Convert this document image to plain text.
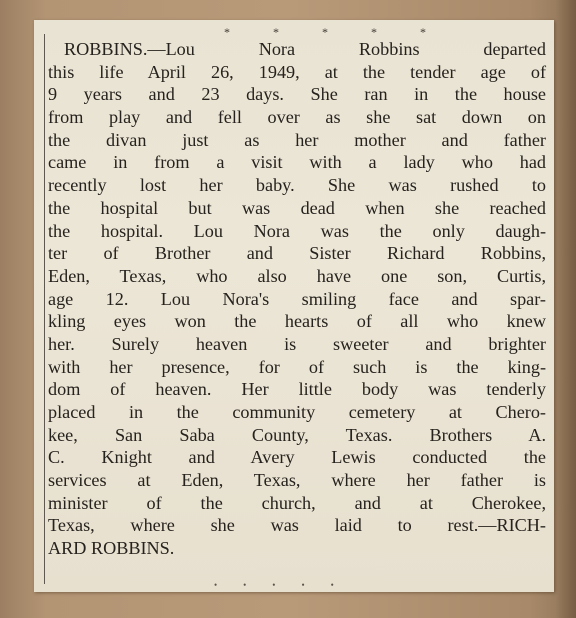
* * * * *
ROBBINS.—Lou Nora Robbins departed
this life April 26, 1949, at the tender age of
9 years and 23 days. She ran in the house
from play and fell over as she sat down on
the divan just as her mother and father
came in from a visit with a lady who had
recently lost her baby. She was rushed to
the hospital but was dead when she reached
the hospital. Lou Nora was the only daugh-
ter of Brother and Sister Richard Robbins,
Eden, Texas, who also have one son, Curtis,
age 12. Lou Nora's smiling face and spar-
kling eyes won the hearts of all who knew
her. Surely heaven is sweeter and brighter
with her presence, for of such is the king-
dom of heaven. Her little body was tenderly
placed in the community cemetery at Chero-
kee, San Saba County, Texas. Brothers A.
C. Knight and Avery Lewis conducted the
services at Eden, Texas, where her father is
minister of the church, and at Cherokee,
Texas, where she was laid to rest.—RICH-
ARD ROBBINS.
•••••
